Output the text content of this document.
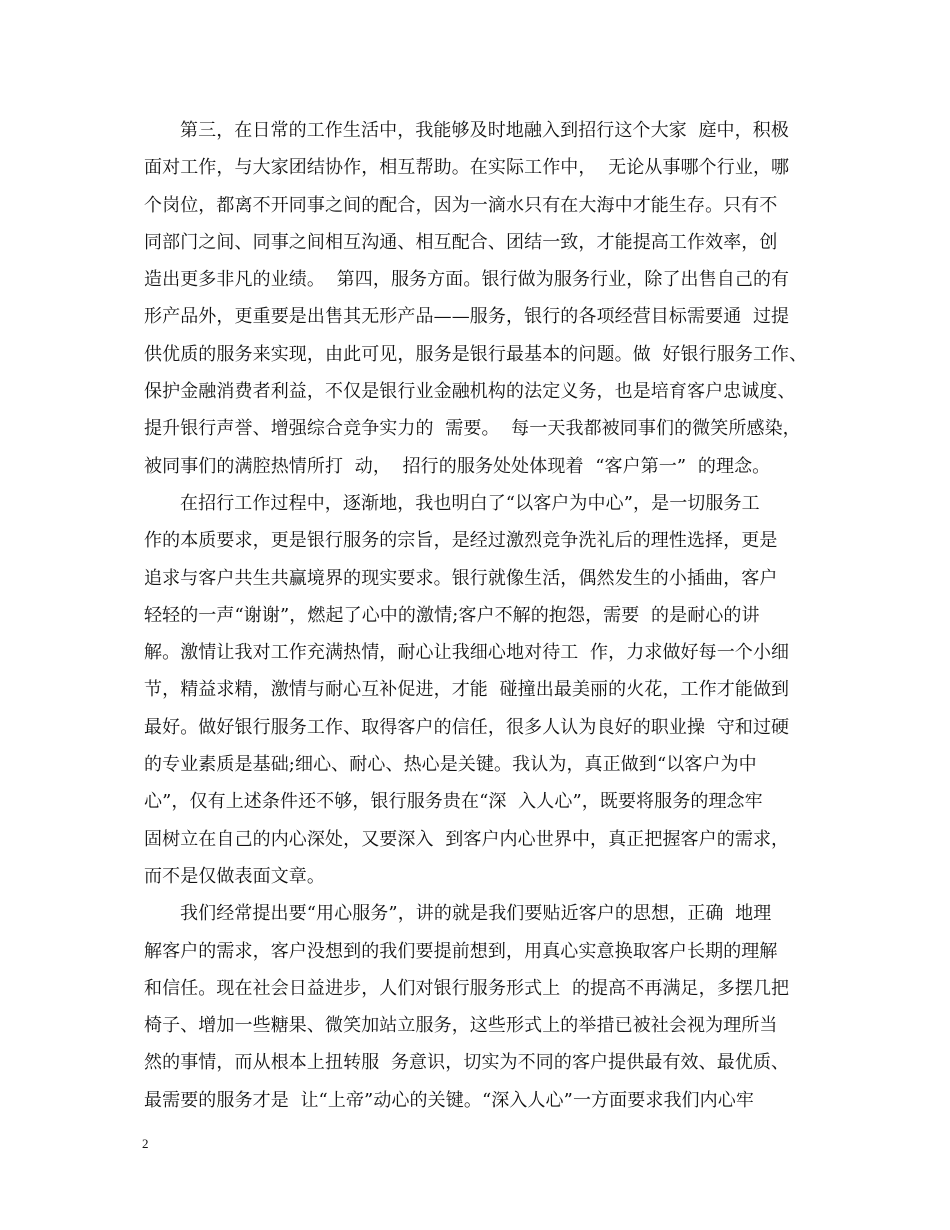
第三，在日常的工作生活中，我能够及时地融入到招行这个大家  庭中，积极
面对工作，与大家团结协作，相互帮助。在实际工作中，  无论从事哪个行业，哪
个岗位，都离不开同事之间的配合，因为一滴水只有在大海中才能生存。只有不
同部门之间、同事之间相互沟通、相互配合、团结一致，才能提高工作效率，创
造出更多非凡的业绩。  第四，服务方面。银行做为服务行业，除了出售自己的有
形产品外，更重要是出售其无形产品——服务，银行的各项经营目标需要通  过提
供优质的服务来实现，由此可见，服务是银行最基本的问题。做  好银行服务工作、
保护金融消费者利益，不仅是银行业金融机构的法定义务，也是培育客户忠诚度、
提升银行声誉、增强综合竞争实力的  需要。  每一天我都被同事们的微笑所感染，
被同事们的满腔热情所打  动，  招行的服务处处体现着  “客户第一”  的理念。
在招行工作过程中，逐渐地，我也明白了“以客户为中心”，是一切服务工
作的本质要求，更是银行服务的宗旨，是经过激烈竞争洗礼后的理性选择，更是
追求与客户共生共赢境界的现实要求。银行就像生活，偶然发生的小插曲，客户
轻轻的一声“谢谢”，燃起了心中的激情;客户不解的抱怨，需要  的是耐心的讲
解。激情让我对工作充满热情，耐心让我细心地对待工  作，力求做好每一个小细
节，精益求精，激情与耐心互补促进，才能  碰撞出最美丽的火花，工作才能做到
最好。做好银行服务工作、取得客户的信任，很多人认为良好的职业操  守和过硬
的专业素质是基础;细心、耐心、热心是关键。我认为，真正做到“以客户为中
心”，仅有上述条件还不够，银行服务贵在“深  入人心”，既要将服务的理念牢
固树立在自己的内心深处，又要深入  到客户内心世界中，真正把握客户的需求，
而不是仅做表面文章。
我们经常提出要“用心服务”，讲的就是我们要贴近客户的思想，正确  地理
解客户的需求，客户没想到的我们要提前想到，用真心实意换取客户长期的理解
和信任。现在社会日益进步，人们对银行服务形式上  的提高不再满足，多摆几把
椅子、增加一些糖果、微笑加站立服务，这些形式上的举措已被社会视为理所当
然的事情，而从根本上扭转服  务意识，切实为不同的客户提供最有效、最优质、
最需要的服务才是  让“上帝”动心的关键。“深入人心”一方面要求我们内心牢
2
